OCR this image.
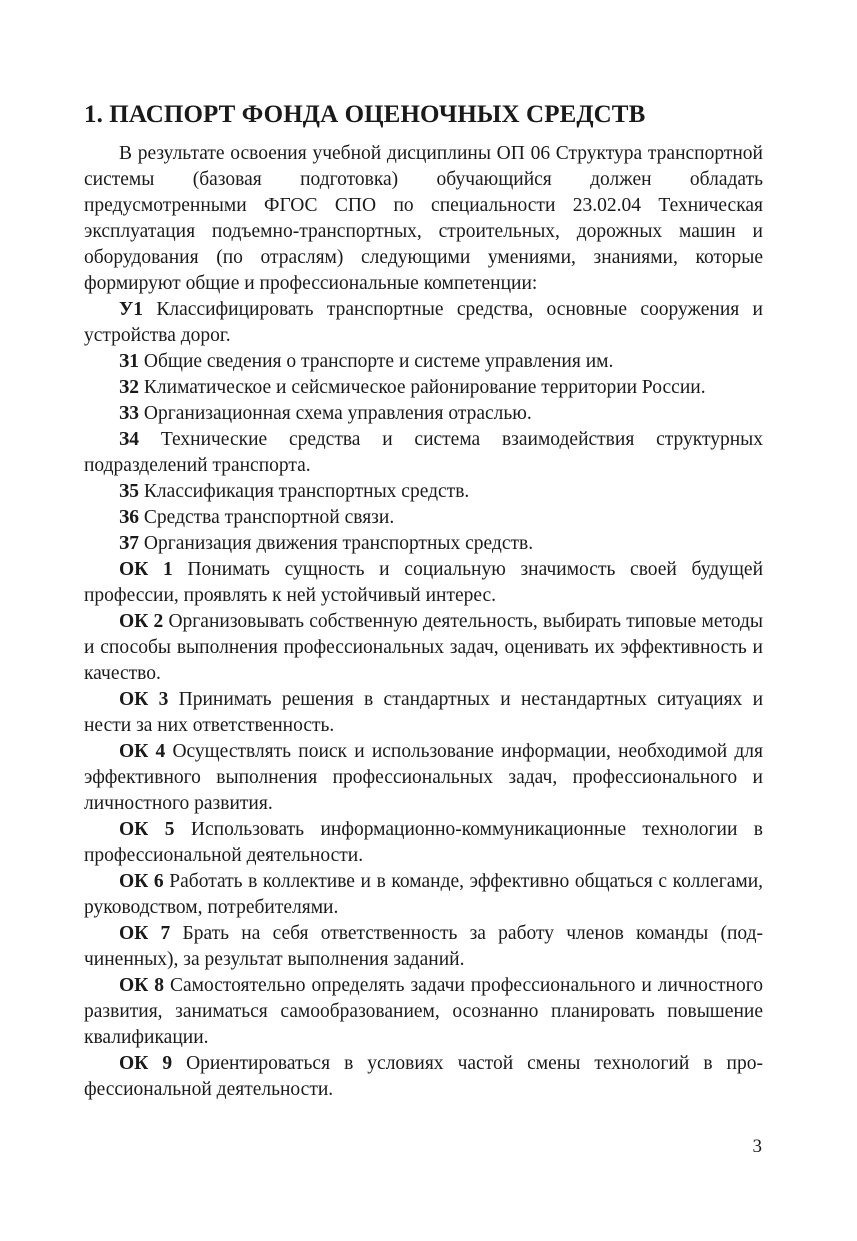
1. ПАСПОРТ ФОНДА ОЦЕНОЧНЫХ СРЕДСТВ

В результате освоения учебной дисциплины ОП 06 Структура транспортной системы (базовая подготовка) обучающийся должен обладать предусмотренными ФГОС СПО по специальности 23.02.04 Техническая эксплуатация подъемно-транспортных, строительных, дорожных машин и оборудования (по отраслям) следующими умениями, знаниями, которые формируют общие и профессиональные компетенции:

У1 Классифицировать транспортные средства, основные сооружения и устройства дорог.

З1 Общие сведения о транспорте и системе управления им.

З2 Климатическое и сейсмическое районирование территории России.

З3 Организационная схема управления отраслью.

З4 Технические средства и система взаимодействия структурных подразделений транспорта.

З5 Классификация транспортных средств.

З6 Средства транспортной связи.

З7 Организация движения транспортных средств.

ОК 1 Понимать сущность и социальную значимость своей будущей профессии, проявлять к ней устойчивый интерес.

ОК 2 Организовывать собственную деятельность, выбирать типовые методы и способы выполнения профессиональных задач, оценивать их эффективность и качество.

ОК 3 Принимать решения в стандартных и нестандартных ситуациях и нести за них ответственность.

ОК 4 Осуществлять поиск и использование информации, необходимой для эффективного выполнения профессиональных задач, профессионального и личностного развития.

ОК 5 Использовать информационно-коммуникационные технологии в профессиональной деятельности.

ОК 6 Работать в коллективе и в команде, эффективно общаться с коллегами, руководством, потребителями.

ОК 7 Брать на себя ответственность за работу членов команды (подчиненных), за результат выполнения заданий.

ОК 8 Самостоятельно определять задачи профессионального и личностного развития, заниматься самообразованием, осознанно планировать повышение квалификации.

ОК 9 Ориентироваться в условиях частой смены технологий в профессиональной деятельности.

3
